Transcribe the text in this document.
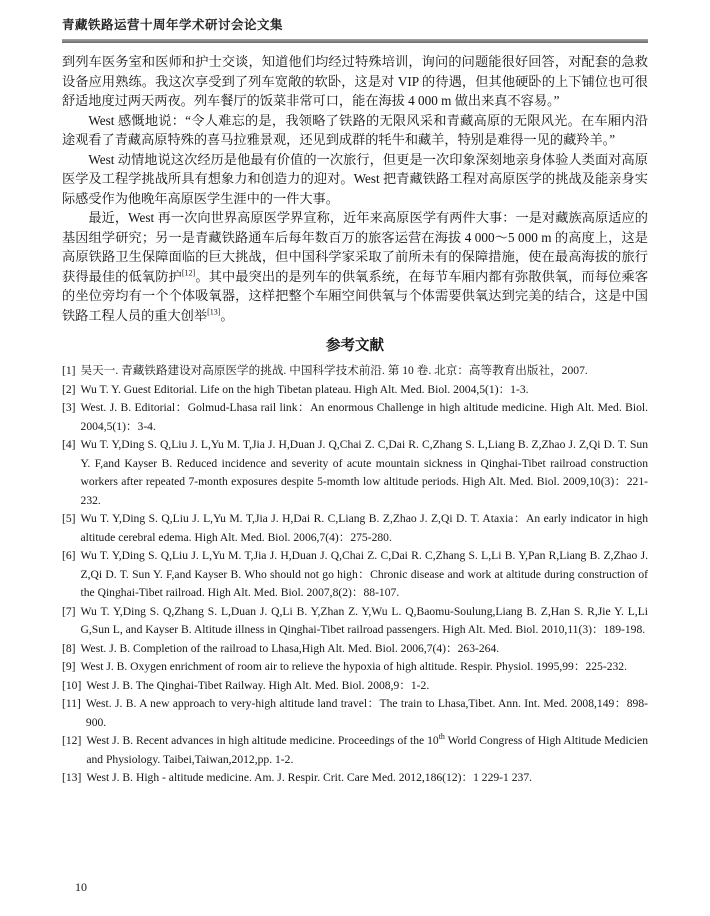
青藏铁路运营十周年学术研讨会论文集

到列车医务室和医师和护士交谈，知道他们均经过特殊培训，询问的问题能很好回答，对配套的急救设备应用熟练。我这次享受到了列车宽敞的软卧，这是对 VIP 的待遇，但其他硬卧的上下铺位也可很舒适地度过两天两夜。列车餐厅的饭菜非常可口，能在海拔 4 000 m 做出来真不容易。”

West 感慨地说：“令人难忘的是，我领略了铁路的无限风采和青藏高原的无限风光。在车厢内沿途观看了青藏高原特殊的喜马拉雅景观，还见到成群的牦牛和藏羊，特别是难得一见的藏羚羊。”

West 动情地说这次经历是他最有价值的一次旅行，但更是一次印象深刻地亲身体验人类面对高原医学及工程学挑战所具有想象力和创造力的迎对。West 把青藏铁路工程对高原医学的挑战及能亲身实际感受作为他晚年高原医学生涯中的一件大事。

最近，West 再一次向世界高原医学界宣称，近年来高原医学有两件大事：一是对藏族高原适应的基因组学研究；另一是青藏铁路通车后每年数百万的旅客运营在海拔 4 000～5 000 m 的高度上，这是高原铁路卫生保障面临的巨大挑战，但中国科学家采取了前所未有的保障措施，使在最高海拔的旅行获得最佳的低氧防护[12]。其中最突出的是列车的供氧系统，在每节车厢内都有弥散供氧，而每位乘客的坐位旁均有一个个体吸氧器，这样把整个车厢空间供氧与个体需要供氧达到完美的结合，这是中国铁路工程人员的重大创举[13]。

参考文献
[1] 吴天一. 青藏铁路建设对高原医学的挑战. 中国科学技术前沿. 第 10 卷. 北京：高等教育出版社，2007.
[2] Wu T. Y. Guest Editorial. Life on the high Tibetan plateau. High Alt. Med. Biol. 2004,5(1)：1-3.
[3] West. J. B. Editorial：Golmud-Lhasa rail link：An enormous Challenge in high altitude medicine. High Alt. Med. Biol. 2004,5(1)：3-4.
[4] Wu T. Y,Ding S. Q,Liu J. L,Yu M. T,Jia J. H,Duan J. Q,Chai Z. C,Dai R. C,Zhang S. L,Liang B. Z,Zhao J. Z,Qi D. T. Sun Y. F,and Kayser B. Reduced incidence and severity of acute mountain sickness in Qinghai-Tibet railroad construction workers after repeated 7-month exposures despite 5-momth low altitude periods. High Alt. Med. Biol. 2009,10(3)：221-232.
[5] Wu T. Y,Ding S. Q,Liu J. L,Yu M. T,Jia J. H,Dai R. C,Liang B. Z,Zhao J. Z,Qi D. T. Ataxia：An early indicator in high altitude cerebral edema. High Alt. Med. Biol. 2006,7(4)：275-280.
[6] Wu T. Y,Ding S. Q,Liu J. L,Yu M. T,Jia J. H,Duan J. Q,Chai Z. C,Dai R. C,Zhang S. L,Li B. Y,Pan R,Liang B. Z,Zhao J. Z,Qi D. T. Sun Y. F,and Kayser B. Who should not go high：Chronic disease and work at altitude during construction of the Qinghai-Tibet railroad. High Alt. Med. Biol. 2007,8(2)：88-107.
[7] Wu T. Y,Ding S. Q,Zhang S. L,Duan J. Q,Li B. Y,Zhan Z. Y,Wu L. Q,Baomu-Soulung,Liang B. Z,Han S. R,Jie Y. L,Li G,Sun L, and Kayser B. Altitude illness in Qinghai-Tibet railroad passengers. High Alt. Med. Biol. 2010,11(3)：189-198.
[8] West. J. B. Completion of the railroad to Lhasa,High Alt. Med. Biol. 2006,7(4)：263-264.
[9] West J. B. Oxygen enrichment of room air to relieve the hypoxia of high altitude. Respir. Physiol. 1995,99：225-232.
[10] West J. B. The Qinghai-Tibet Railway. High Alt. Med. Biol. 2008,9：1-2.
[11] West. J. B. A new approach to very-high altitude land travel：The train to Lhasa,Tibet. Ann. Int. Med. 2008,149：898-900.
[12] West J. B. Recent advances in high altitude medicine. Proceedings of the 10th World Congress of High Altitude Medicien and Physiology. Taibei,Taiwan,2012,pp. 1-2.
[13] West J. B. High - altitude medicine. Am. J. Respir. Crit. Care Med. 2012,186(12)：1 229-1 237.
10
